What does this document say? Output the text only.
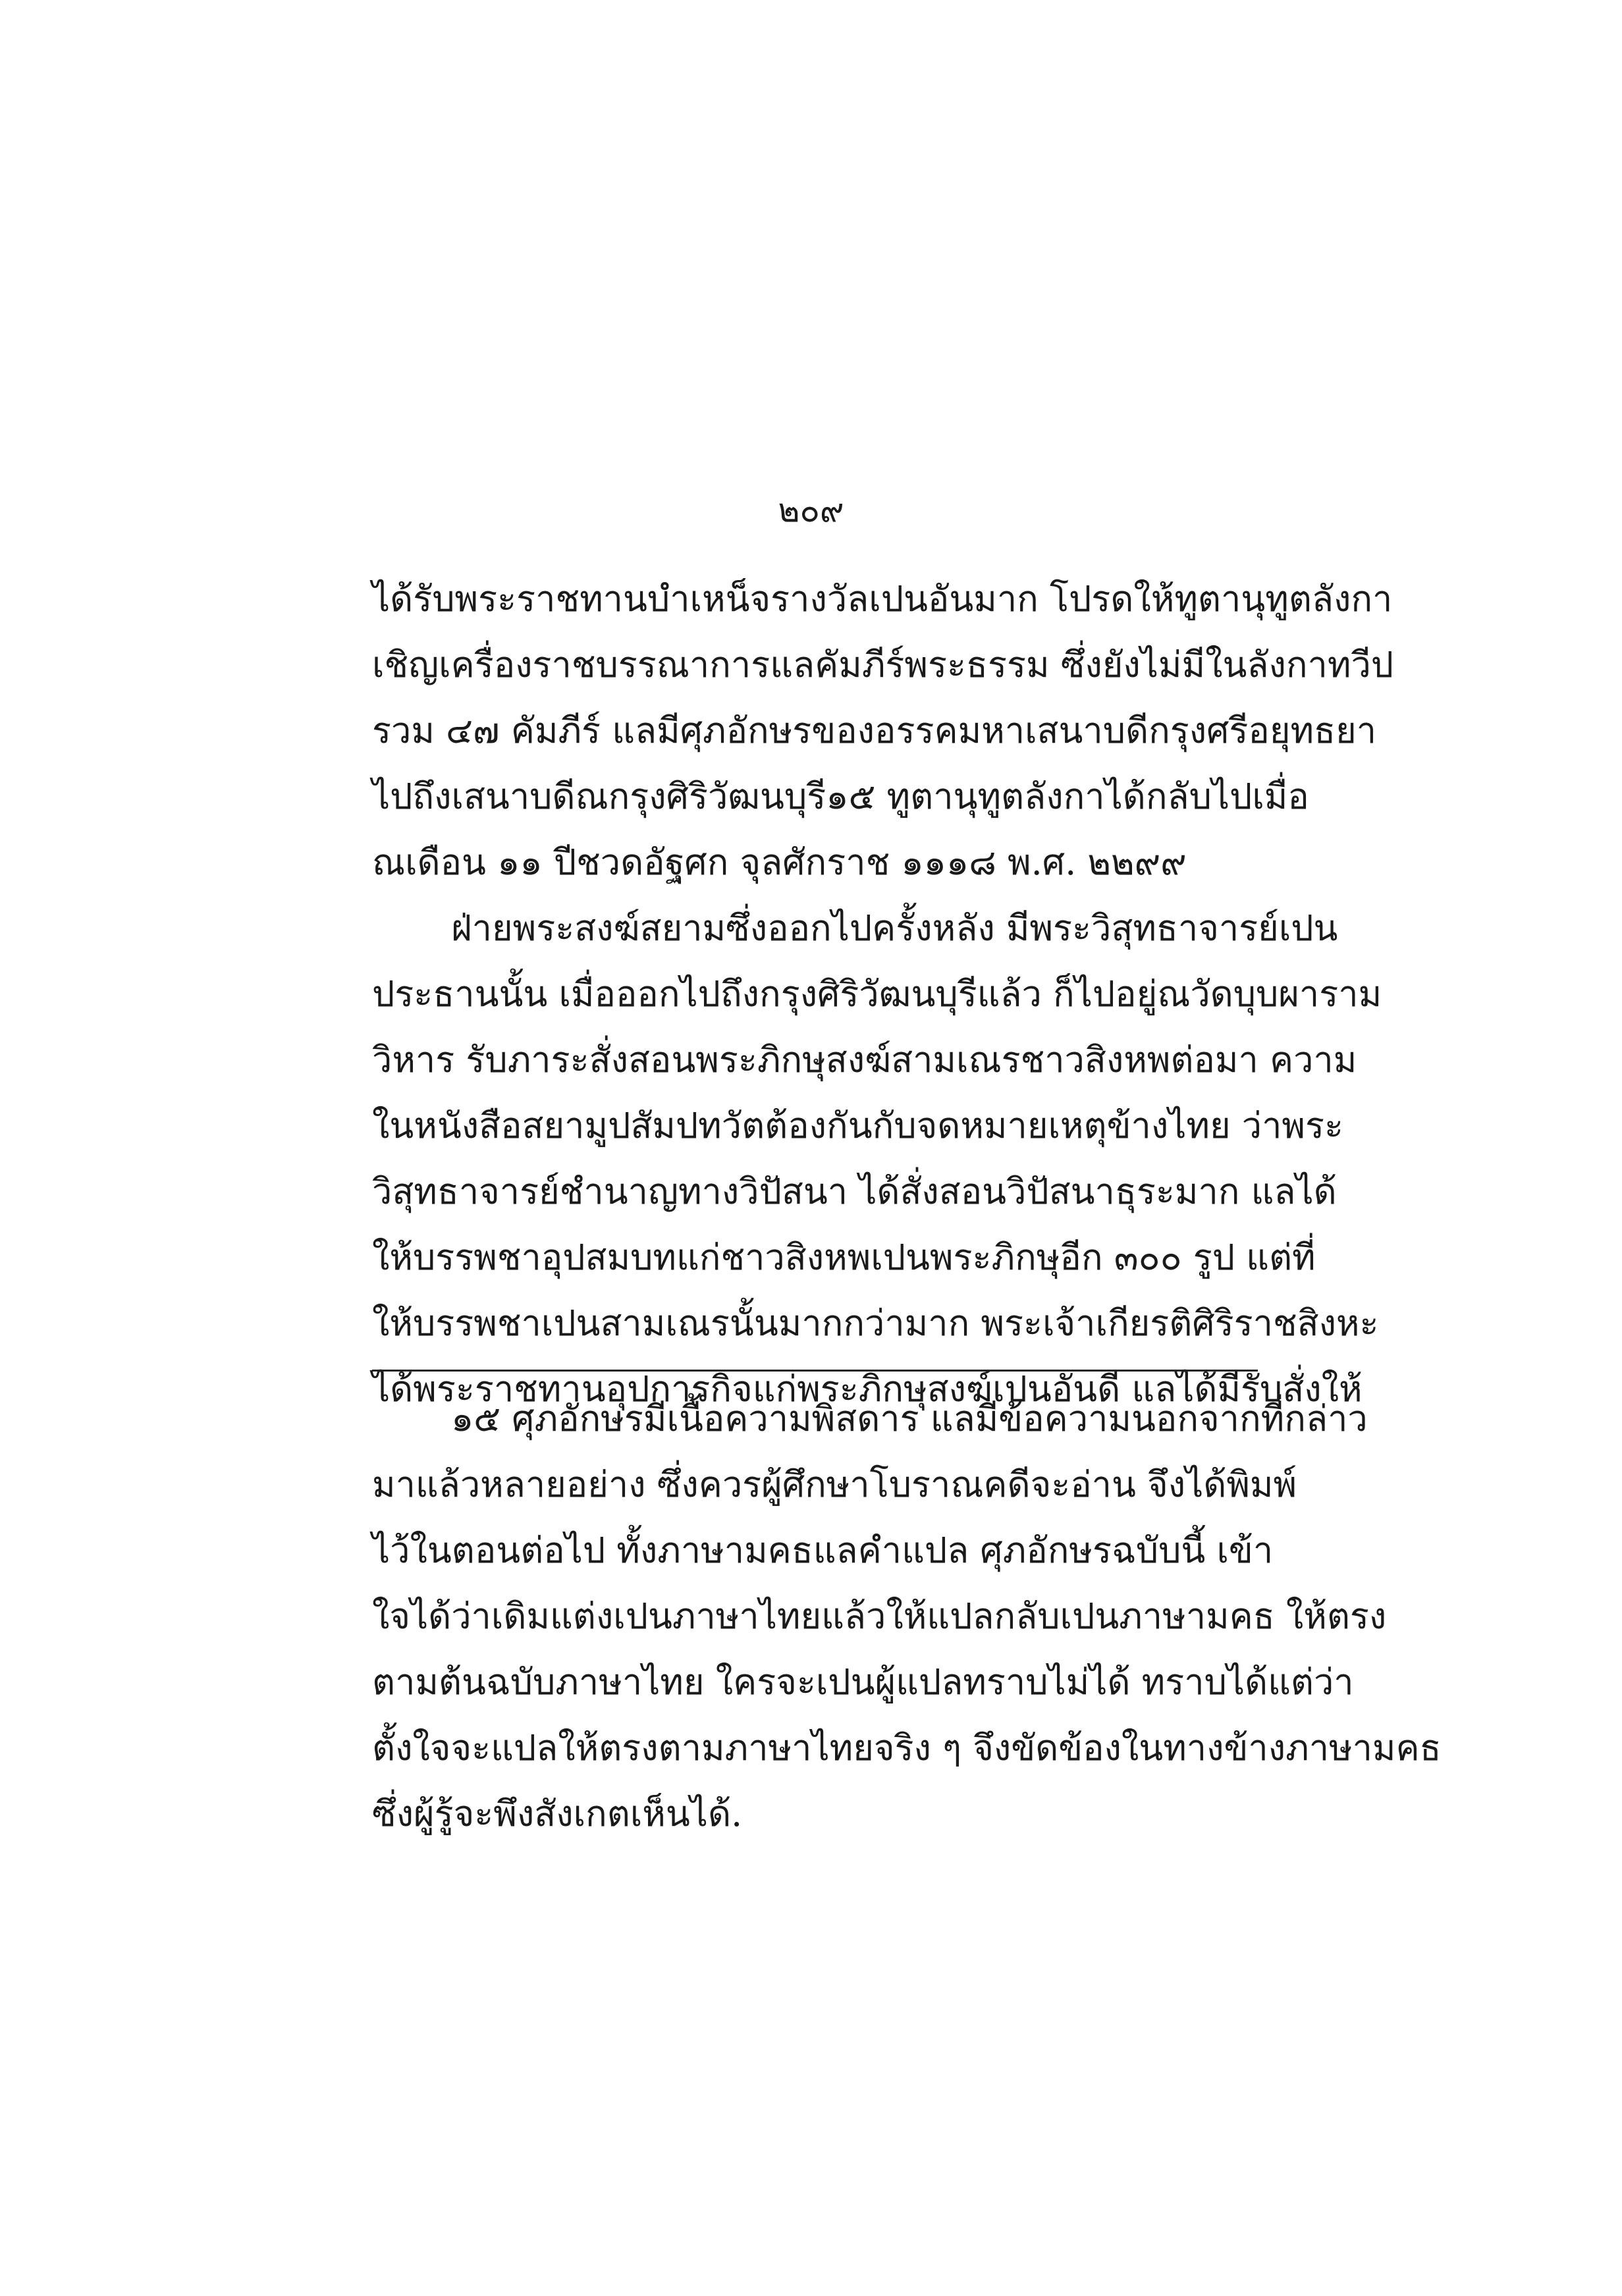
๒๐๙
ได้รับพระราชทานบำเหน็จรางวัลเปนอันมาก โปรดให้ทูตานุทูตลังกา
เชิญเครื่องราชบรรณาการแลคัมภีร์พระธรรม ซึ่งยังไม่มีในลังกาทวีป
รวม ๔๗ คัมภีร์ แลมีศุภอักษรของอรรคมหาเสนาบดีกรุงศรีอยุทธยา
ไปถึงเสนาบดีณกรุงศิริวัฒนบุรี๑๕ ทูตานุทูตลังกาได้กลับไปเมื่อ
ณเดือน ๑๑ ปีชวดอัฐศก จุลศักราช ๑๑๑๘ พ.ศ. ๒๒๙๙
ฝ่ายพระสงฆ์สยามซึ่งออกไปครั้งหลัง มีพระวิสุทธาจารย์เปน
ประธานนั้น เมื่อออกไปถึงกรุงศิริวัฒนบุรีแล้ว ก็ไปอยู่ณวัดบุบผาราม
วิหาร รับภาระสั่งสอนพระภิกษุสงฆ์สามเณรชาวสิงหพต่อมา ความ
ในหนังสือสยามูปสัมปทวัตต้องกันกับจดหมายเหตุข้างไทย ว่าพระ
วิสุทธาจารย์ชำนาญทางวิปัสนา ได้สั่งสอนวิปัสนาธุระมาก แลได้
ให้บรรพชาอุปสมบทแก่ชาวสิงหพเปนพระภิกษุอีก ๓๐๐ รูป แต่ที่
ให้บรรพชาเปนสามเณรนั้นมากกว่ามาก พระเจ้าเกียรติศิริราชสิงหะ
ได้พระราชทานอุปการกิจแก่พระภิกษุสงฆ์เปนอันดี แลได้มีรับสั่งให้
๑๕ ศุภอักษรมีเนื้อความพิสดาร แลมีข้อความนอกจากที่กล่าว
มาแล้วหลายอย่าง ซึ่งควรผู้ศึกษาโบราณคดีจะอ่าน จึงได้พิมพ์
ไว้ในตอนต่อไป ทั้งภาษามคธแลคำแปล ศุภอักษรฉบับนี้ เข้า
ใจได้ว่าเดิมแต่งเปนภาษาไทยแล้วให้แปลกลับเปนภาษามคธ ให้ตรง
ตามต้นฉบับภาษาไทย ใครจะเปนผู้แปลทราบไม่ได้ ทราบได้แต่ว่า
ตั้งใจจะแปลให้ตรงตามภาษาไทยจริง ๆ จึงขัดข้องในทางข้างภาษามคธ
ซึ่งผู้รู้จะพึงสังเกตเห็นได้.
